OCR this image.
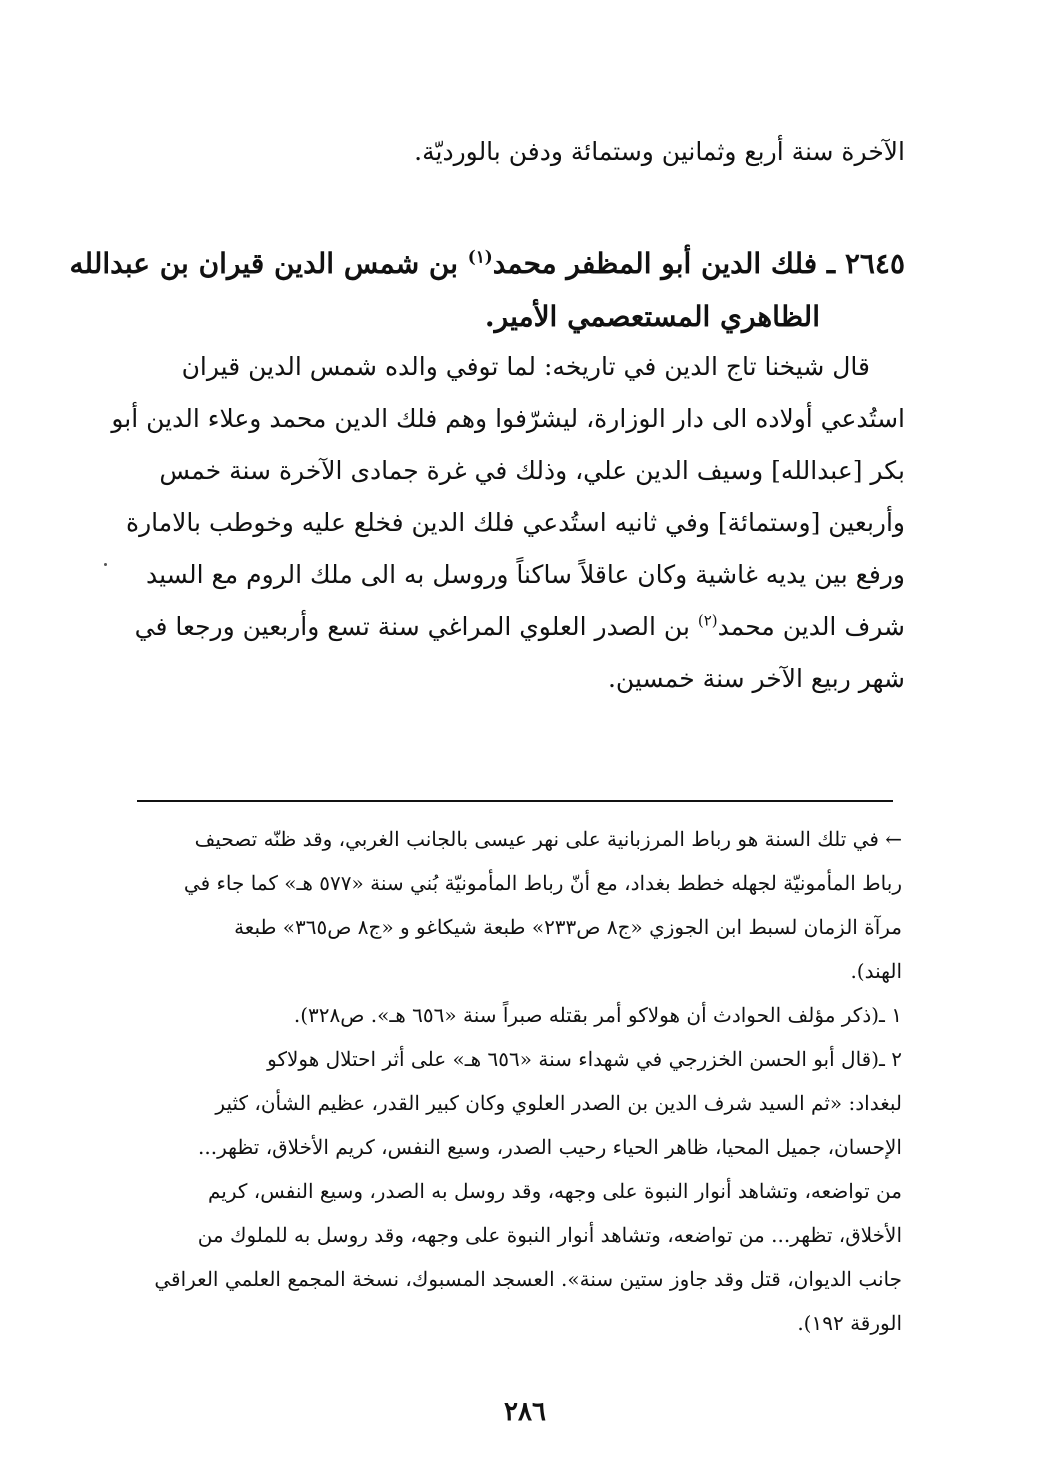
الآخرة سنة أربع وثمانين وستمائة ودفن بالورديّة.
٢٦٤٥ ـ فلك الدين أبو المظفر محمد$^{(١)}$ بن شمس الدين قيران بن عبدالله
الظاهري المستعصمي الأمير.
قال شيخنا تاج الدين في تاريخه: لما توفي والده شمس الدين قيران
استُدعي أولاده الى دار الوزارة، ليشرّفوا وهم فلك الدين محمد وعلاء الدين أبو
بكر [عبدالله] وسيف الدين علي، وذلك في غرة جمادى الآخرة سنة خمس
وأربعين [وستمائة] وفي ثانيه استُدعي فلك الدين فخلع عليه وخوطب بالامارة
ورفع بين يديه غاشية وكان عاقلاً ساكناً وروسل به الى ملك الروم مع السيد
شرف الدين محمد$^{(٢)}$ بن الصدر العلوي المراغي سنة تسع وأربعين ورجعا في
شهر ربيع الآخر سنة خمسين.
← في تلك السنة هو رباط المرزبانية على نهر عيسى بالجانب الغربي، وقد ظنّه تصحيف
رباط المأمونيّة لجهله خطط بغداد، مع أنّ رباط المأمونيّة بُني سنة «٥٧٧ هـ» كما جاء في
مرآة الزمان لسبط ابن الجوزي «ج٨ ص٢٣٣» طبعة شيكاغو و «ج٨ ص٣٦٥» طبعة
الهند).
١ ـ(ذكر مؤلف الحوادث أن هولاكو أمر بقتله صبراً سنة «٦٥٦ هـ». ص٣٢٨).
٢ ـ(قال أبو الحسن الخزرجي في شهداء سنة «٦٥٦ هـ» على أثر احتلال هولاكو
لبغداد: «ثم السيد شرف الدين بن الصدر العلوي وكان كبير القدر، عظيم الشأن، كثير
الإحسان، جميل المحيا، ظاهر الحياء رحيب الصدر، وسيع النفس، كريم الأخلاق، تظهر...
من تواضعه، وتشاهد أنوار النبوة على وجهه، وقد روسل به الصدر، وسيع النفس، كريم
الأخلاق، تظهر... من تواضعه، وتشاهد أنوار النبوة على وجهه، وقد روسل به للملوك من
جانب الديوان، قتل وقد جاوز ستين سنة». العسجد المسبوك، نسخة المجمع العلمي العراقي
الورقة ١٩٢).
٢٨٦
